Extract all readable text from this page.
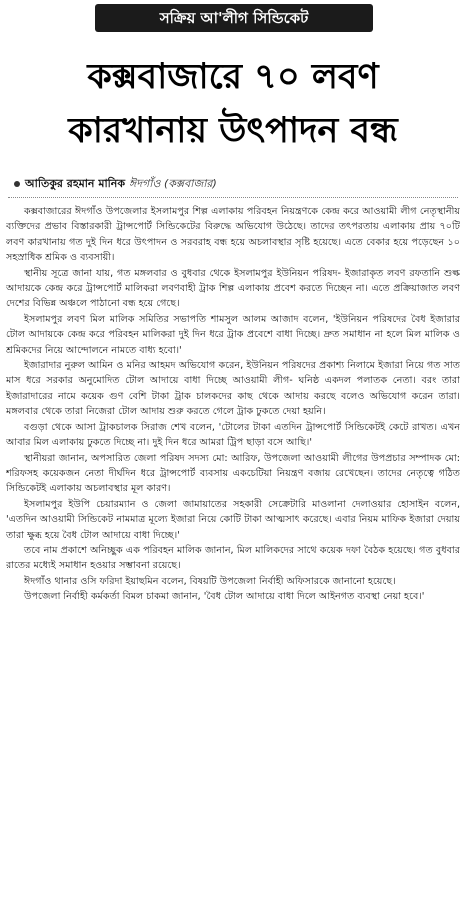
সক্রিয় আ'লীগ সিন্ডিকেট
কক্সবাজারে ৭০ লবণ
কারখানায় উৎপাদন বন্ধ
আতিকুর রহমান মানিক ঈদগাঁও (কক্সবাজার)

কক্সবাজারের ঈদগাঁও উপজেলার ইসলামপুর শিল্প এলাকায় পরিবহন নিয়ন্ত্রণকে কেন্দ্র করে আওয়ামী লীগ নেতৃস্থানীয় ব্যক্তিদের প্রভাব বিস্তারকারী ট্রান্সপোর্ট সিন্ডিকেটের বিরুদ্ধে অভিযোগ উঠেছে। তাদের তৎপরতায় এলাকায় প্রায় ৭০টি লবণ কারখানায় গত দুই দিন ধরে উৎপাদন ও সরবরাহ বন্ধ হয়ে অচলাবস্থার সৃষ্টি হয়েছে। এতে বেকার হয়ে পড়েছেন ১০ সহস্রাধিক শ্রমিক ও ব্যবসায়ী।

স্থানীয় সূত্রে জানা যায়, গত মঙ্গলবার ও বুধবার থেকে ইসলামপুর ইউনিয়ন পরিষদ- ইজারাকৃত লবণ রফতানি শুল্ক আদায়কে কেন্দ্র করে ট্রান্সপোর্ট মালিকরা লবণবাহী ট্রাক শিল্প এলাকায় প্রবেশ করতে দিচ্ছেন না। এতে প্রক্রিয়াজাত লবণ দেশের বিভিন্ন অঞ্চলে পাঠানো বন্ধ হয়ে গেছে।

ইসলামপুর লবণ মিল মালিক সমিতির সভাপতি শামসুল আলম আজাদ বলেন, 'ইউনিয়ন পরিষদের বৈধ ইজারার টোল আদায়কে কেন্দ্র করে পরিবহন মালিকরা দুই দিন ধরে ট্রাক প্রবেশে বাধা দিচ্ছে। দ্রুত সমাধান না হলে মিল মালিক ও শ্রমিকদের নিয়ে আন্দোলনে নামতে বাধ্য হবো।'

ইজারাদার নুরুল আমিন ও মনির আহমদ অভিযোগ করেন, ইউনিয়ন পরিষদের প্রকাশ্য নিলামে ইজারা নিয়ে গত সাত মাস ধরে সরকার অনুমোদিত টোল আদায়ে বাধা দিচ্ছে আওয়ামী লীগ- ঘনিষ্ঠ একদল পলাতক নেতা। বরং তারা ইজারাদারের নামে কয়েক গুণ বেশি টাকা ট্রাক চালকদের কাছ থেকে আদায় করছে বলেও অভিযোগ করেন তারা। মঙ্গলবার থেকে তারা নিজেরা টোল আদায় শুরু করতে গেলে ট্রাক ঢুকতে দেয়া হয়নি।

বগুড়া থেকে আসা ট্রাকচালক সিরাজ শেখ বলেন, 'টোলের টাকা এতদিন ট্রান্সপোর্ট সিন্ডিকেটই কেটে রাখত। এখন আবার মিল এলাকায় ঢুকতে দিচ্ছে না। দুই দিন ধরে আমরা ট্রিপ ছাড়া বসে আছি।'

স্থানীয়রা জানান, অপসারিত জেলা পরিষদ সদস্য মো: আরিফ, উপজেলা আওয়ামী লীগের উপপ্রচার সম্পাদক মো: শরিফসহ কয়েকজন নেতা দীর্ঘদিন ধরে ট্রান্সপোর্ট ব্যবসায় একচেটিয়া নিয়ন্ত্রণ বজায় রেখেছেন। তাদের নেতৃত্বে গঠিত সিন্ডিকেটই এলাকায় অচলাবস্থার মূল কারণ।

ইসলামপুর ইউপি চেয়ারম্যান ও জেলা জামায়াতের সহকারী সেক্রেটারি মাওলানা দেলাওয়ার হোসাইন বলেন, 'এতদিন আওয়ামী সিন্ডিকেট নামমাত্র মূল্যে ইজারা নিয়ে কোটি টাকা আত্মসাৎ করেছে। এবার নিয়ম মাফিক ইজারা দেয়ায় তারা ক্ষুব্ধ হয়ে বৈধ টোল আদায়ে বাধা দিচ্ছে।'

তবে নাম প্রকাশে অনিচ্ছুক এক পরিবহন মালিক জানান, মিল মালিকদের সাথে কয়েক দফা বৈঠক হয়েছে। গত বুধবার রাতের মধ্যেই সমাধান হওয়ার সম্ভাবনা রয়েছে।

ঈদগাঁও থানার ওসি ফরিদা ইয়াছমিন বলেন, বিষয়টি উপজেলা নির্বাহী অফিসারকে জানানো হয়েছে।

উপজেলা নির্বাহী কর্মকর্তা বিমল চাকমা জানান, 'বৈধ টোল আদায়ে বাধা দিলে আইনগত ব্যবস্থা নেয়া হবে।'
